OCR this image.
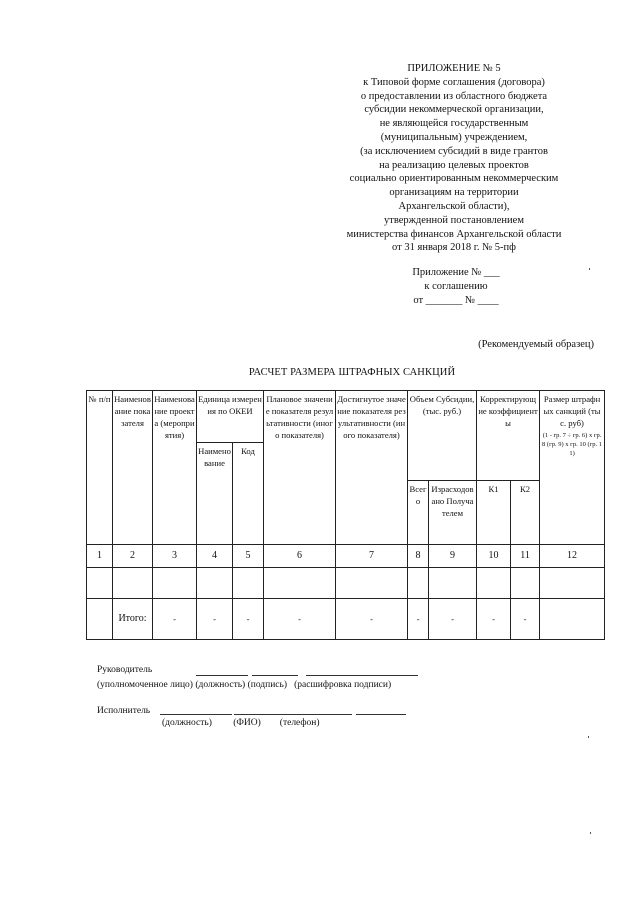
ПРИЛОЖЕНИЕ № 5
к Типовой форме соглашения (договора)
о предоставлении из областного бюджета
субсидии некоммерческой организации,
не являющейся государственным
(муниципальным) учреждением,
(за исключением субсидий в виде грантов
на реализацию целевых проектов
социально ориентированным некоммерческим
организациям на территории
Архангельской области),
утвержденной постановлением
министерства финансов Архангельской области
от 31 января 2018 г. № 5-пф
Приложение № ___
к соглашению
от _______ № ____
(Рекомендуемый образец)
РАСЧЕТ РАЗМЕРА ШТРАФНЫХ САНКЦИЙ
№ п/п	Наименование показателя	Наименование проекта (мероприятия)	Единица измерения по ОКЕИ		Плановое значение показателя результативности (иного показателя)	Достигнутое значение показателя результативности (иного показателя)	Объем Субсидии, (тыс. руб.)		Корректирующие коэффициенты		Размер штрафных санкций (тыс. руб)
(1 - гр. 7 ÷ гр. 6) х гр. 8 (гр. 9) х гр. 10 (гр. 11)

			Наименование	Код							
							Всего	Израсходовано Получателем	К1	К2	
1	2	3	4	5	6	7	8	9	10	11	12

	Итого:	-	-	-	-	-	-	-	-	-	
Руководитель
(уполномоченное лицо) (должность) (подпись)   (расшифровка подписи)
Исполнитель
(должность)         (ФИО)        (телефон)
